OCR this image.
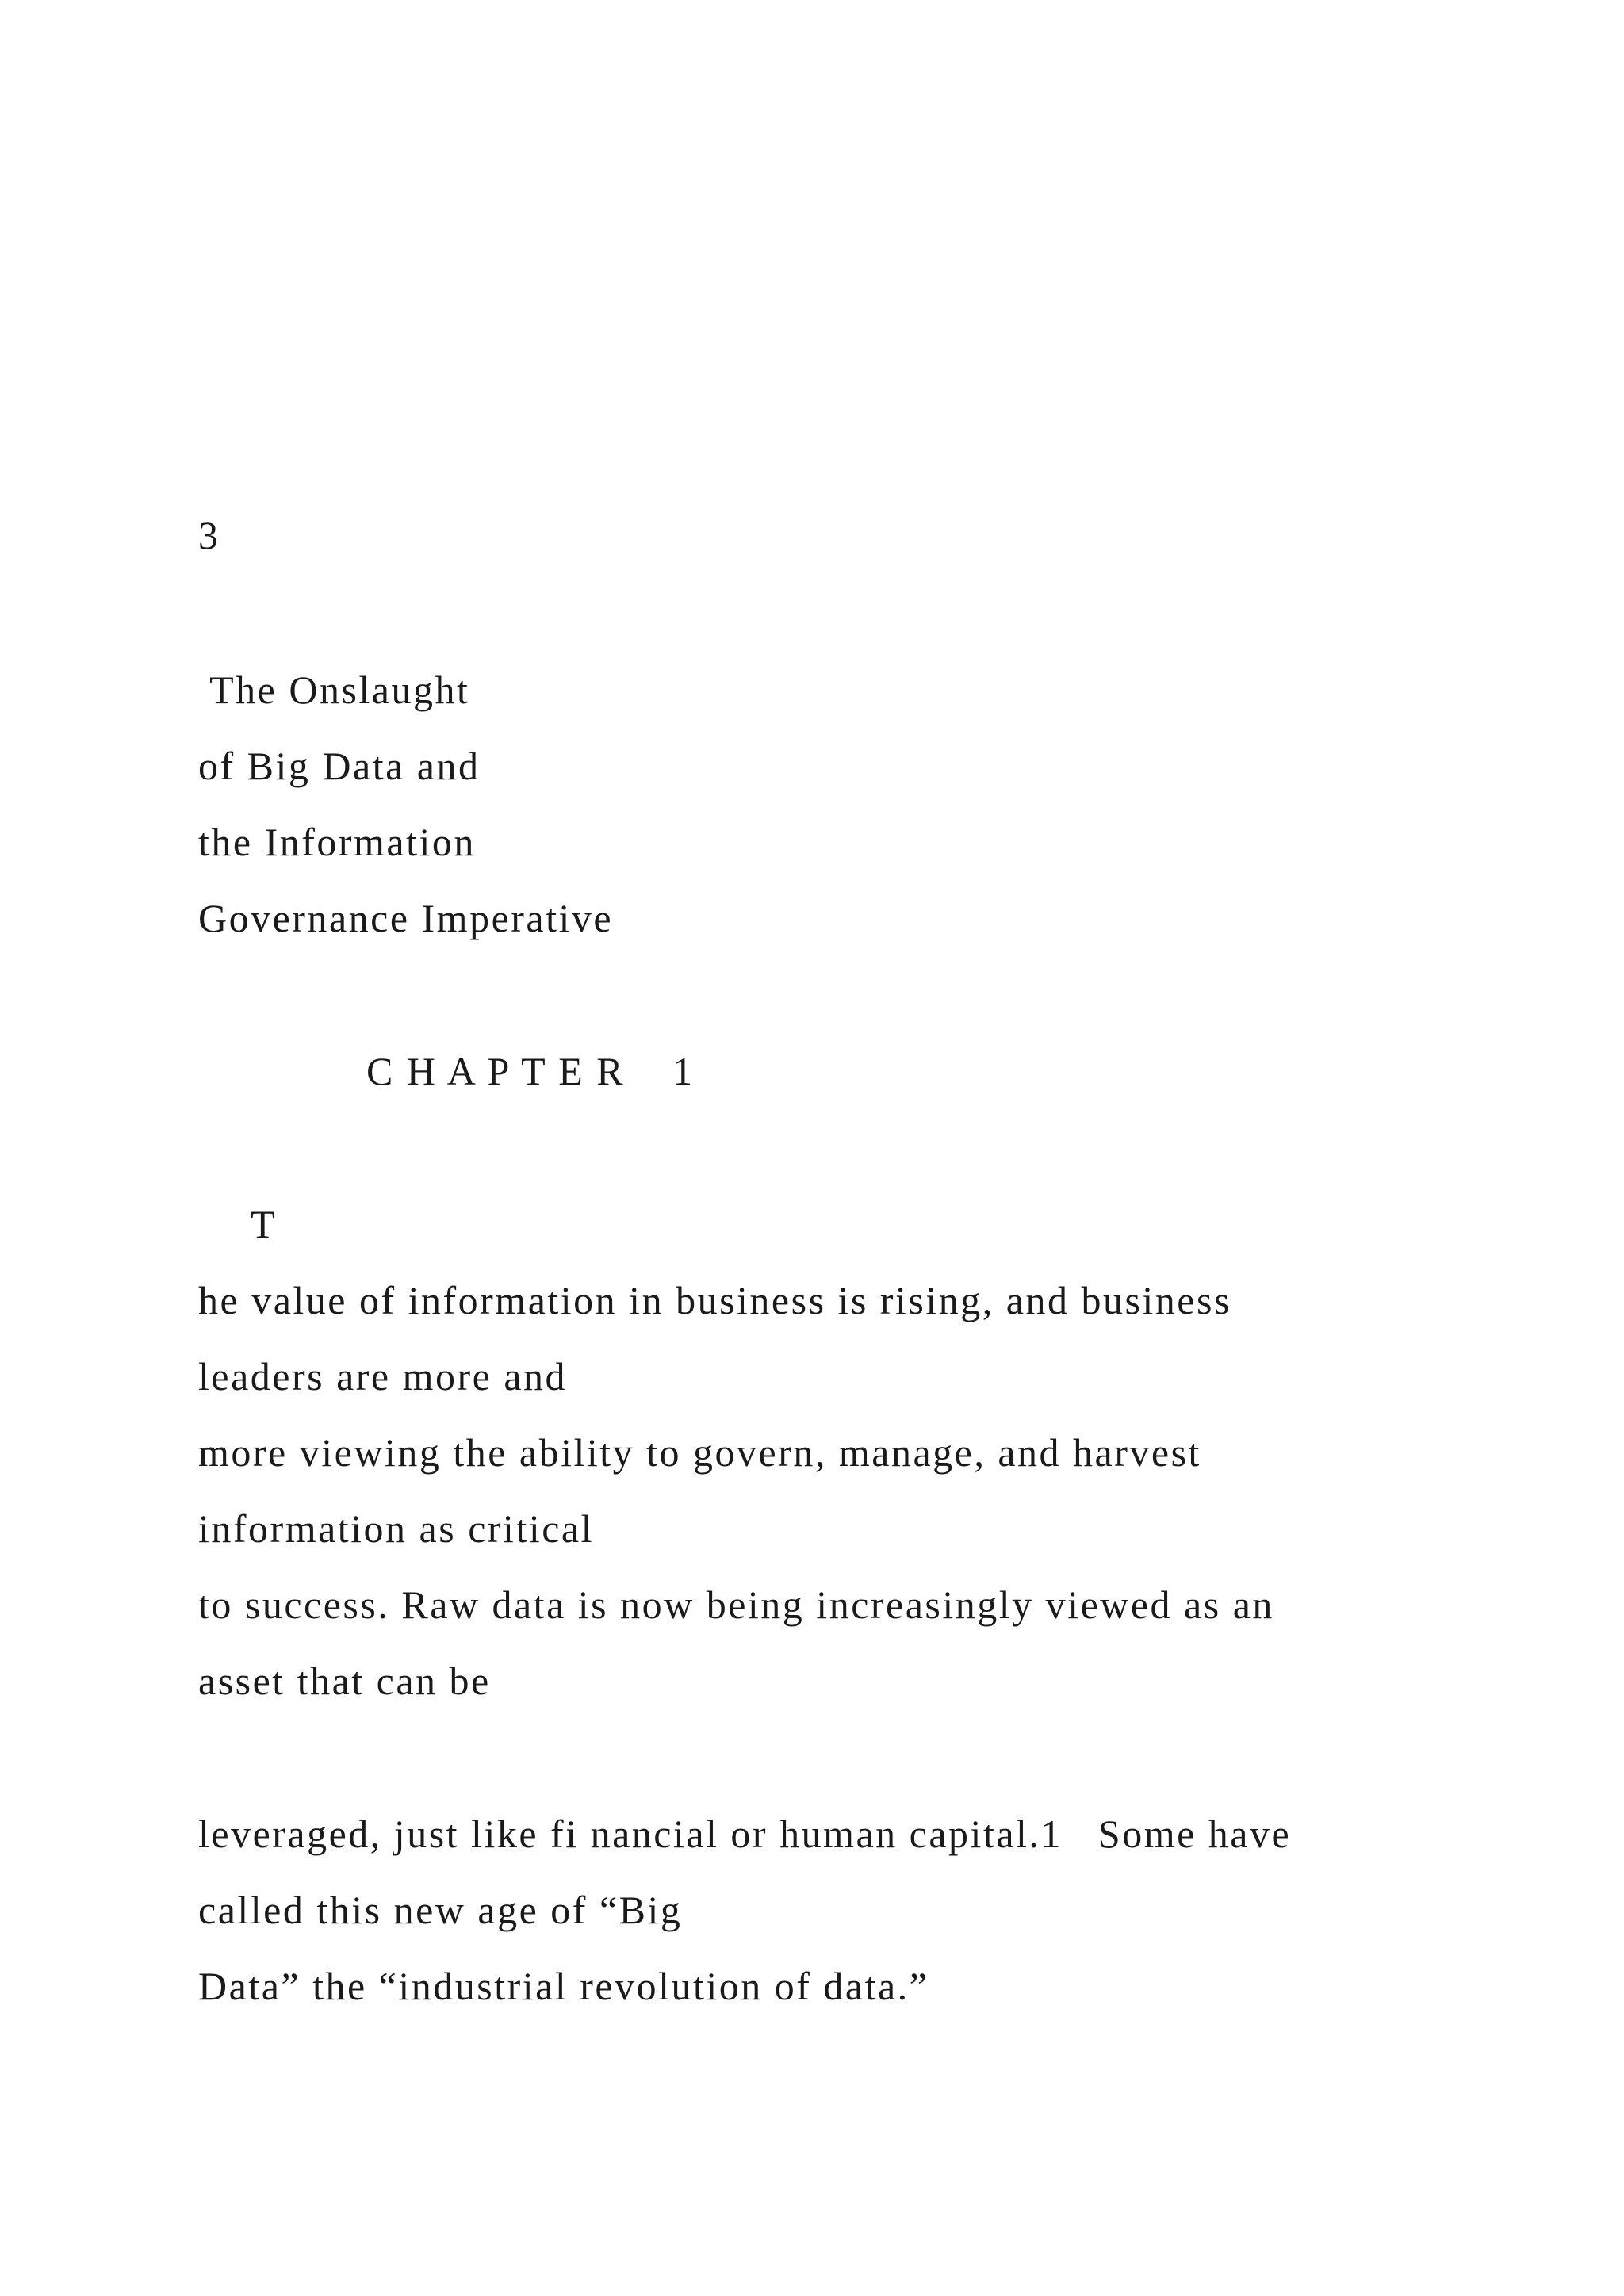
3
The Onslaught
of Big Data and
the Information
Governance Imperative
C H A P T E R    1
T
he value of information in business is rising, and business
leaders are more and
more viewing the ability to govern, manage, and harvest
information as critical
to success. Raw data is now being increasingly viewed as an
asset that can be
leveraged, just like fi nancial or human capital.1   Some have
called this new age of “Big
Data” the “industrial revolution of data.”
